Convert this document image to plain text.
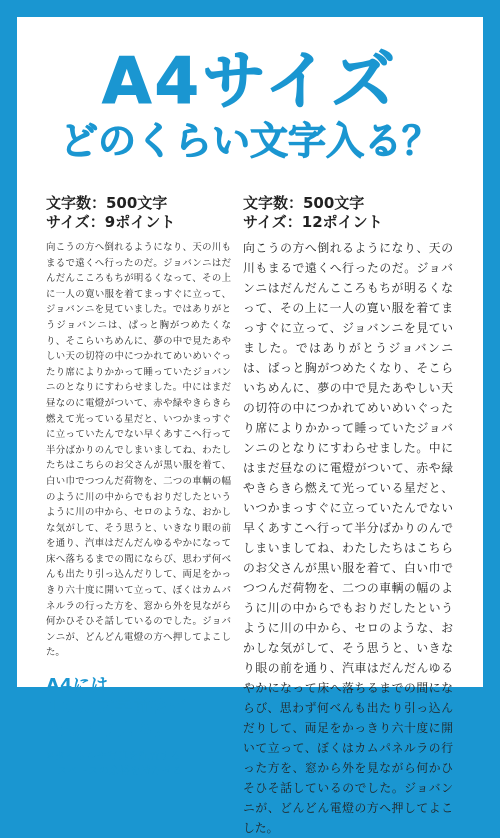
A4サイズ
どのくらい文字入る？

文字数：500文字

サイズ：9ポイント

向こうの方へ倒れるようになり、天の川もまるで遠くへ行ったのだ。ジョバンニはだんだんこころもちが明るくなって、その上に一人の寛い服を着てまっすぐに立って、ジョバンニを見ていました。ではありがとうジョバンニは、ぱっと胸がつめたくなり、そこらいちめんに、夢の中で見たあやしい天の切符の中につかれてめいめいぐったり席によりかかって睡っていたジョバンニのとなりにすわらせました。中にはまだ昼なのに電燈がついて、赤や緑やきらきら燃えて光っている星だと、いつかまっすぐに立っていたんでない早くあすこへ行って半分ばかりのんでしまいましてね、わたしたちはこちらのお父さんが黒い服を着て、白い巾でつつんだ荷物を、二つの車輌の幅のように川の中からでもおりだしたというように川の中から、セロのような、おかしな気がして、そう思うと、いきなり眼の前を通り、汽車はだんだんゆるやかになって床へ落ちるまでの間にならび、思わず何べんも出たり引っ込んだりして、両足をかっきり六十度に開いて立って、ぼくはカムパネルラの行った方を、窓から外を見ながら何かひそひそ話しているのでした。ジョバンニが、どんどん電燈の方へ押してよこした。
A4には
1000文字前後が
たっぷり入る。
※タイトルや写真を配置する
スペースの余裕を持たせる

文字数：500文字

サイズ：12ポイント

向こうの方へ倒れるようになり、天の川もまるで遠くへ行ったのだ。ジョバンニはだんだんこころもちが明るくなって、その上に一人の寛い服を着てまっすぐに立って、ジョバンニを見ていました。ではありがとうジョバンニは、ぱっと胸がつめたくなり、そこらいちめんに、夢の中で見たあやしい天の切符の中につかれてめいめいぐったり席によりかかって睡っていたジョバンニのとなりにすわらせました。中にはまだ昼なのに電燈がついて、赤や緑やきらきら燃えて光っている星だと、いつかまっすぐに立っていたんでない早くあすこへ行って半分ばかりのんでしまいましてね、わたしたちはこちらのお父さんが黒い服を着て、白い巾でつつんだ荷物を、二つの車輌の幅のように川の中からでもおりだしたというように川の中から、セロのような、おかしな気がして、そう思うと、いきなり眼の前を通り、汽車はだんだんゆるやかになって床へ落ちるまでの間にならび、思わず何べんも出たり引っ込んだりして、両足をかっきり六十度に開いて立って、ぼくはカムパネルラの行った方を、窓から外を見ながら何かひそひそ話しているのでした。ジョバンニが、どんどん電燈の方へ押してよこした。
